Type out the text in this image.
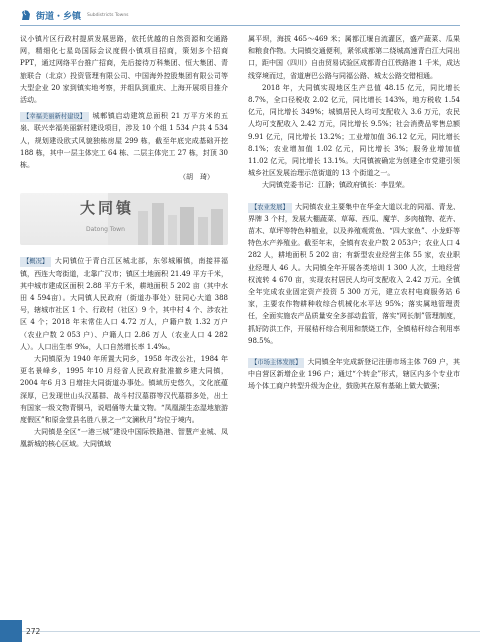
街道・乡镇 Subdistricts Towns

议小镇片区行政村提质发展思路，依托优越的自然资源和交通路网，精细化七星岛国际会议度假小镇项目招商，策划多个招商 PPT，通过网络平台推广招商，先后接待万科集团、恒大集团、青旅联合（北京）投资管理有限公司、中国海外控股集团有限公司等大型企业 20 家到镇实地考察，并组队到重庆、上海开展项目推介活动。

【幸福美丽新村建设】 城郫镇启动建筑总面积 21 万平方米的五泉、联兴幸福美丽新村建设项目，涉及 10 个组 1 534 户共 4 534 人，规划建设欧式风貌独栋房屋 299 栋，截至年底完成基础开挖 188 栋，其中一层主体完工 64 栋、二层主体完工 27 栋，封顶 30 栋。

（胡　琦）
大同镇
Datong Town

【概况】 大同镇位于青白江区城北部，东邻城厢镇，南接祥福镇，西连大弯街道，北靠广汉市；镇区土地面积 21.49 平方千米，其中城市建成区面积 2.88 平方千米，耕地面积 5 202 亩（其中水田 4 594亩）。大同镇人民政府（街道办事处）驻同心大道 388 号，辖城市社区 1 个、行政村（社区）9 个，其中村 4 个、涉农社区 4 个；2018 年末常住人口 4.72 万人，户籍户数 1.32 万户（农业户数 2 053 户）、户籍人口 2.86 万人（农业人口 4 282 人）。人口出生率 9‰，人口自然增长率 1.4‰。

大同镇原为 1940 年所置大同乡，1958 年改公社，1984 年更名景峰乡，1995 年10 月经省人民政府批准撤乡建大同镇，2004 年6 月3 日增挂大同街道办事处。镇域历史悠久，文化底蕴深厚，已发现世山头汉墓群、战斗村汉墓群等汉代墓群多处，出土有国家一级文物青铜马，说唱俑等大量文物。“凤凰湖生态湿地旅游度假区”和原金堂县名胜八景之一“文澜秋月”均位于境内。

大同镇是全区“一港三城”建设中国际铁路港、智慧产业城、凤凰新城的核心区域。大同镇域

属平坝，海拔 465～469 米；属都江堰自流灌区，盛产蔬菜、瓜果和粮食作物。大同镇交通便利，紧邻成都第二绕城高速青白江大同出口，距中国（四川）自由贸易试验区成都青白江铁路港 1 千米，成达线穿境而过，省道唐巴公路与同福公路、城太公路交错相通。

2018 年，大同镇实现地区生产总值 48.15 亿元，同比增长 8.7%，全口径税收 2.02 亿元，同比增长 143%，地方税收 1.54 亿元，同比增长 349%；城镇居民人均可支配收入 3.6 万元，农民人均可支配收入 2.42 万元，同比增长 9.5%；社会消费品零售总额 9.91 亿元，同比增长 13.2%；工业增加值 36.12 亿元，同比增长 8.1%；农业增加值 1.02 亿元，同比增长 3%；服务业增加值 11.02 亿元，同比增长 13.1%。大同镇被确定为创建全市党建引领城乡社区发展治理示范街道的 13 个街道之一。

大同镇党委书记：江静；镇政府镇长：李显荣。

【农业发展】 大同镇农业主要集中在华金大道以北的同福、青龙、界牌 3 个村，发展大棚蔬菜、草莓、西瓜、魔芋、多肉植物、花卉、苗木、草坪等特色种植业，以及养殖观赏鱼、“四大家鱼”、小龙虾等特色水产养殖业。截至年末，全镇有农业户数 2 053户；农业人口 4 282 人，耕地面积 5 202 亩；有新型农业经营主体 55 家，农业职业经理人 46 人。大同镇全年开展各类培训 1 300 人次，土地经营权流转 4 670 亩，实现农村居民人均可支配收入 2.42 万元。全镇全年完成农业固定资产投资 5 300 万元，建立农村电商服务站 6 家，主要农作物耕种收综合机械化水平达 95%；落实属地管理责任，全面实施农产品质量安全多部动监管，落实“网长制”管理制度，抓好防洪工作，开展秸秆综合利用和禁烧工作，全镇秸秆综合利用率 98.5%。

【市场主体发展】 大同镇全年完成新登记注册市场主体 769 户，其中自营区新增企业 196 户；通过“个转企”形式，辖区内多个专业市场个体工商户转型升级为企业，鼓励其在原有基础上做大做强；

272
